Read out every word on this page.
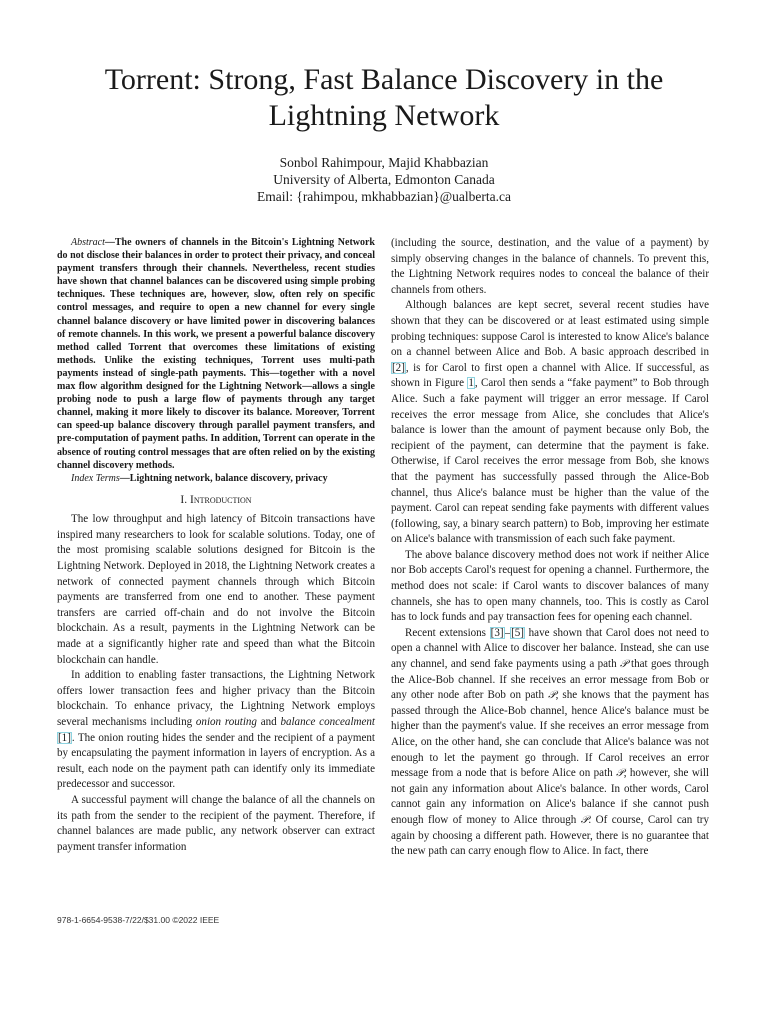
Torrent: Strong, Fast Balance Discovery in the Lightning Network
Sonbol Rahimpour, Majid Khabbazian
University of Alberta, Edmonton Canada
Email: {rahimpou, mkhabbazian}@ualberta.ca

Abstract—The owners of channels in the Bitcoin's Lightning Network do not disclose their balances in order to protect their privacy, and conceal payment transfers through their channels. Nevertheless, recent studies have shown that channel balances can be discovered using simple probing techniques. These techniques are, however, slow, often rely on specific control messages, and require to open a new channel for every single channel balance discovery or have limited power in discovering balances of remote channels. In this work, we present a powerful balance discovery method called Torrent that overcomes these limitations of existing methods. Unlike the existing techniques, Torrent uses multi-path payments instead of single-path payments. This—together with a novel max flow algorithm designed for the Lightning Network—allows a single probing node to push a large flow of payments through any target channel, making it more likely to discover its balance. Moreover, Torrent can speed-up balance discovery through parallel payment transfers, and pre-computation of payment paths. In addition, Torrent can operate in the absence of routing control messages that are often relied on by the existing channel discovery methods.

Index Terms—Lightning network, balance discovery, privacy

I. Introduction

The low throughput and high latency of Bitcoin transactions have inspired many researchers to look for scalable solutions. Today, one of the most promising scalable solutions designed for Bitcoin is the Lightning Network. Deployed in 2018, the Lightning Network creates a network of connected payment channels through which Bitcoin payments are transferred from one end to another. These payment transfers are carried off-chain and do not involve the Bitcoin blockchain. As a result, payments in the Lightning Network can be made at a significantly higher rate and speed than what the Bitcoin blockchain can handle.

In addition to enabling faster transactions, the Lightning Network offers lower transaction fees and higher privacy than the Bitcoin blockchain. To enhance privacy, the Lightning Network employs several mechanisms including onion routing and balance concealment [1]. The onion routing hides the sender and the recipient of a payment by encapsulating the payment information in layers of encryption. As a result, each node on the payment path can identify only its immediate predecessor and successor.

A successful payment will change the balance of all the channels on its path from the sender to the recipient of the payment. Therefore, if channel balances are made public, any network observer can extract payment transfer information

(including the source, destination, and the value of a payment) by simply observing changes in the balance of channels. To prevent this, the Lightning Network requires nodes to conceal the balance of their channels from others.

Although balances are kept secret, several recent studies have shown that they can be discovered or at least estimated using simple probing techniques: suppose Carol is interested to know Alice's balance on a channel between Alice and Bob. A basic approach described in [2], is for Carol to first open a channel with Alice. If successful, as shown in Figure 1, Carol then sends a “fake payment” to Bob through Alice. Such a fake payment will trigger an error message. If Carol receives the error message from Alice, she concludes that Alice's balance is lower than the amount of payment because only Bob, the recipient of the payment, can determine that the payment is fake. Otherwise, if Carol receives the error message from Bob, she knows that the payment has successfully passed through the Alice-Bob channel, thus Alice's balance must be higher than the value of the payment. Carol can repeat sending fake payments with different values (following, say, a binary search pattern) to Bob, improving her estimate on Alice's balance with transmission of each such fake payment.

The above balance discovery method does not work if neither Alice nor Bob accepts Carol's request for opening a channel. Furthermore, the method does not scale: if Carol wants to discover balances of many channels, she has to open many channels, too. This is costly as Carol has to lock funds and pay transaction fees for opening each channel.

Recent extensions [3]–[5] have shown that Carol does not need to open a channel with Alice to discover her balance. Instead, she can use any channel, and send fake payments using a path 𝒫 that goes through the Alice-Bob channel. If she receives an error message from Bob or any other node after Bob on path 𝒫, she knows that the payment has passed through the Alice-Bob channel, hence Alice's balance must be higher than the payment's value. If she receives an error message from Alice, on the other hand, she can conclude that Alice's balance was not enough to let the payment go through. If Carol receives an error message from a node that is before Alice on path 𝒫, however, she will not gain any information about Alice's balance. In other words, Carol cannot gain any information on Alice's balance if she cannot push enough flow of money to Alice through 𝒫. Of course, Carol can try again by choosing a different path. However, there is no guarantee that the new path can carry enough flow to Alice. In fact, there

978-1-6654-9538-7/22/$31.00 ©2022 IEEE
